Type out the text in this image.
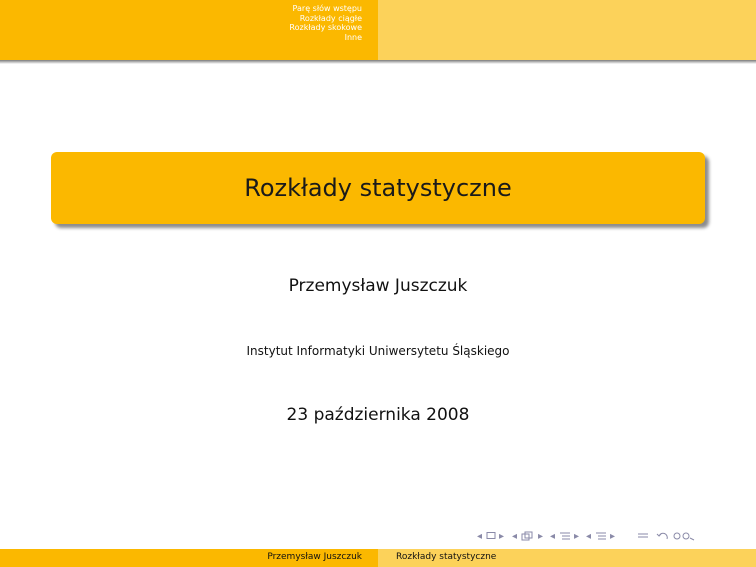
Parę słów wstępu
Rozkłady ciągłe
Rozkłady skokowe
Inne
Rozkłady statystyczne
Przemysław Juszczuk
Instytut Informatyki Uniwersytetu Śląskiego
23 października 2008
◂ ▸ ◂ ▸ ◂ ▸ ◂ ▸
Przemysław Juszczuk	Rozkłady statystyczne
